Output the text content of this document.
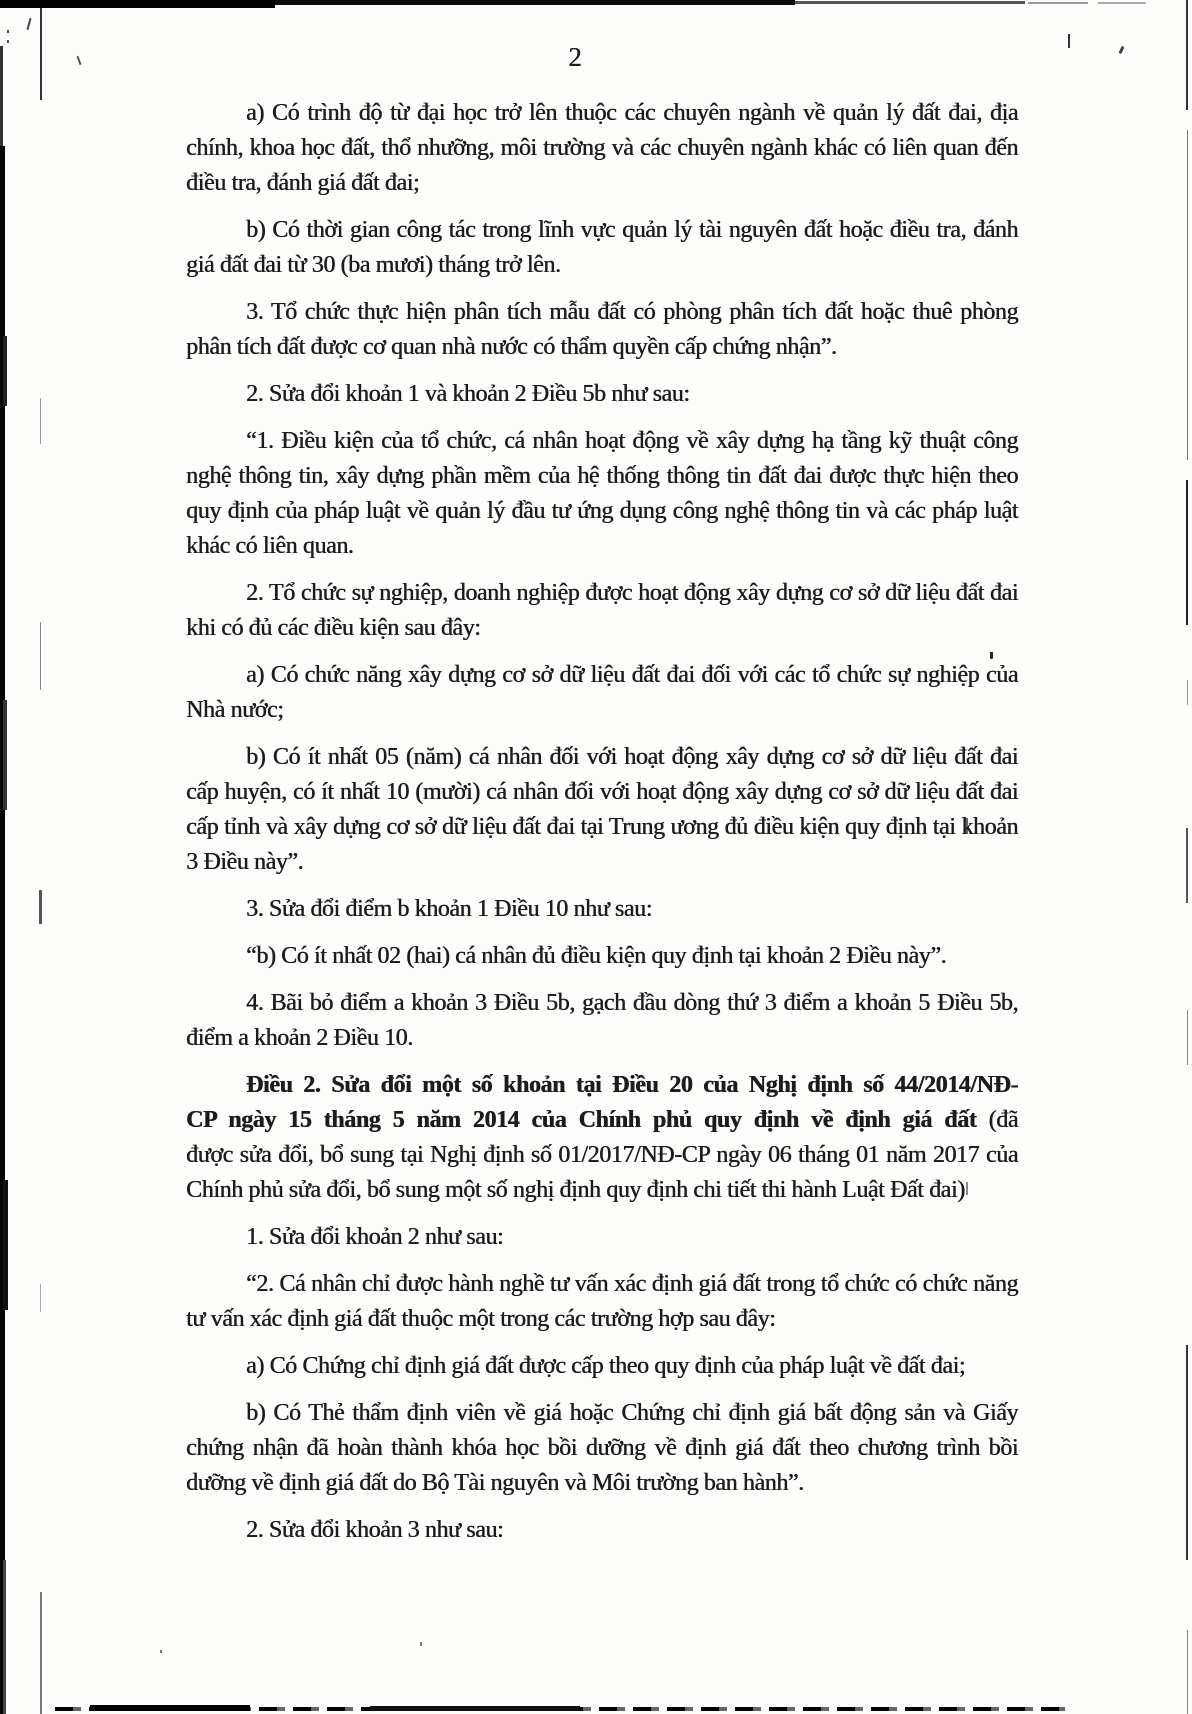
2

a) Có trình độ từ đại học trở lên thuộc các chuyên ngành về quản lý đất đai, địa chính, khoa học đất, thổ nhưỡng, môi trường và các chuyên ngành khác có liên quan đến điều tra, đánh giá đất đai;

b) Có thời gian công tác trong lĩnh vực quản lý tài nguyên đất hoặc điều tra, đánh giá đất đai từ 30 (ba mươi) tháng trở lên.

3. Tổ chức thực hiện phân tích mẫu đất có phòng phân tích đất hoặc thuê phòng phân tích đất được cơ quan nhà nước có thẩm quyền cấp chứng nhận”.

2. Sửa đổi khoản 1 và khoản 2 Điều 5b như sau:

“1. Điều kiện của tổ chức, cá nhân hoạt động về xây dựng hạ tầng kỹ thuật công nghệ thông tin, xây dựng phần mềm của hệ thống thông tin đất đai được thực hiện theo quy định của pháp luật về quản lý đầu tư ứng dụng công nghệ thông tin và các pháp luật khác có liên quan.

2. Tổ chức sự nghiệp, doanh nghiệp được hoạt động xây dựng cơ sở dữ liệu đất đai khi có đủ các điều kiện sau đây:

a) Có chức năng xây dựng cơ sở dữ liệu đất đai đối với các tổ chức sự nghiệp của Nhà nước;

b) Có ít nhất 05 (năm) cá nhân đối với hoạt động xây dựng cơ sở dữ liệu đất đai cấp huyện, có ít nhất 10 (mười) cá nhân đối với hoạt động xây dựng cơ sở dữ liệu đất đai cấp tỉnh và xây dựng cơ sở dữ liệu đất đai tại Trung ương đủ điều kiện quy định tại khoản 3 Điều này”.

3. Sửa đổi điểm b khoản 1 Điều 10 như sau:

“b) Có ít nhất 02 (hai) cá nhân đủ điều kiện quy định tại khoản 2 Điều này”.

4. Bãi bỏ điểm a khoản 3 Điều 5b, gạch đầu dòng thứ 3 điểm a khoản 5 Điều 5b, điểm a khoản 2 Điều 10.

Điều 2. Sửa đổi một số khoản tại Điều 20 của Nghị định số 44/2014/NĐ-CP ngày 15 tháng 5 năm 2014 của Chính phủ quy định về định giá đất (đã được sửa đổi, bổ sung tại Nghị định số 01/2017/NĐ-CP ngày 06 tháng 01 năm 2017 của Chính phủ sửa đổi, bổ sung một số nghị định quy định chi tiết thi hành Luật Đất đai)

1. Sửa đổi khoản 2 như sau:

“2. Cá nhân chỉ được hành nghề tư vấn xác định giá đất trong tổ chức có chức năng tư vấn xác định giá đất thuộc một trong các trường hợp sau đây:

a) Có Chứng chỉ định giá đất được cấp theo quy định của pháp luật về đất đai;

b) Có Thẻ thẩm định viên về giá hoặc Chứng chỉ định giá bất động sản và Giấy chứng nhận đã hoàn thành khóa học bồi dưỡng về định giá đất theo chương trình bồi dưỡng về định giá đất do Bộ Tài nguyên và Môi trường ban hành”.

2. Sửa đổi khoản 3 như sau:
